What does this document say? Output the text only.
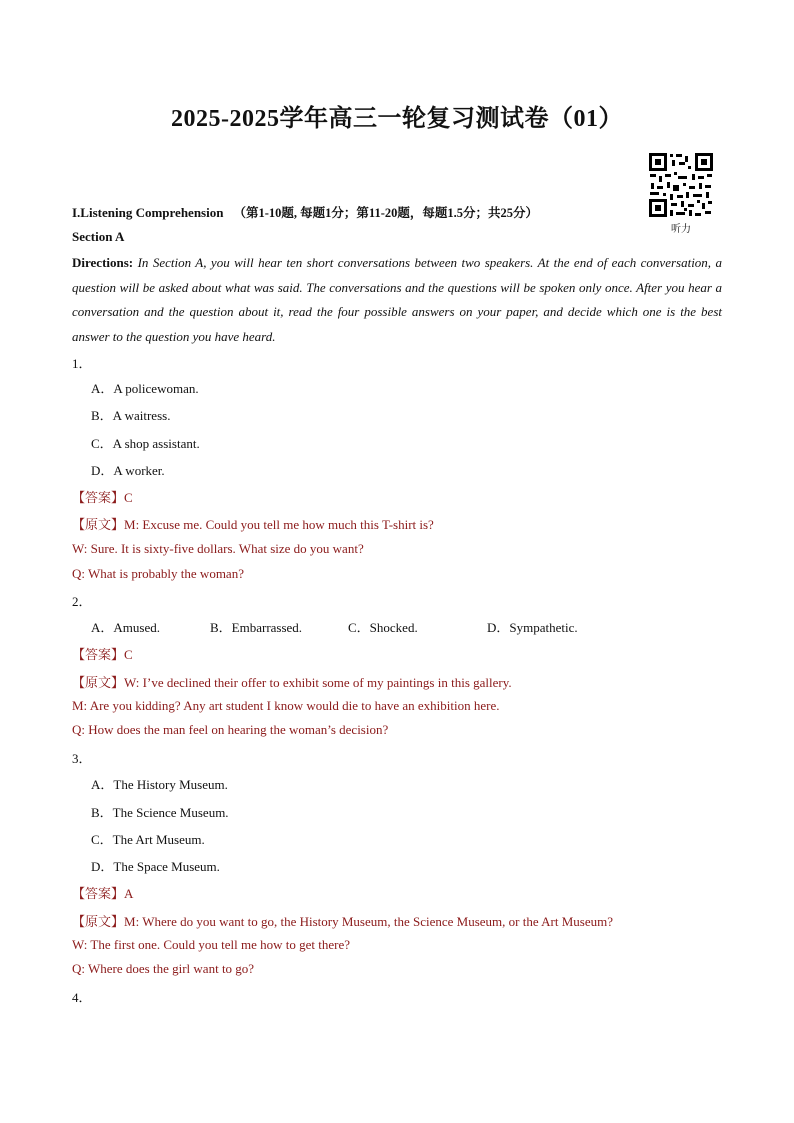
2025-2025学年高三一轮复习测试卷（01）
听力
I.Listening Comprehension （第1-10题, 每题1分；第11-20题，每题1.5分；共25分）
Section A
Directions: In Section A, you will hear ten short conversations between two speakers. At the end of each conversation, a question will be asked about what was said. The conversations and the questions will be spoken only once. After you hear a conversation and the question about it, read the four possible answers on your paper, and decide which one is the best answer to the question you have heard.
1．
A．A policewoman.
B．A waitress.
C．A shop assistant.
D．A worker.
【答案】C
【原文】M: Excuse me. Could you tell me how much this T-shirt is?
W: Sure. It is sixty-five dollars. What size do you want?
Q: What is probably the woman?
2．
A．Amused.	B．Embarrassed.	C．Shocked.	D．Sympathetic.
【答案】C
【原文】W: I’ve declined their offer to exhibit some of my paintings in this gallery.
M: Are you kidding? Any art student I know would die to have an exhibition here.
Q: How does the man feel on hearing the woman’s decision?
3．
A．The History Museum.
B．The Science Museum.
C．The Art Museum.
D．The Space Museum.
【答案】A
【原文】M: Where do you want to go, the History Museum, the Science Museum, or the Art Museum?
W: The first one. Could you tell me how to get there?
Q: Where does the girl want to go?
4．
